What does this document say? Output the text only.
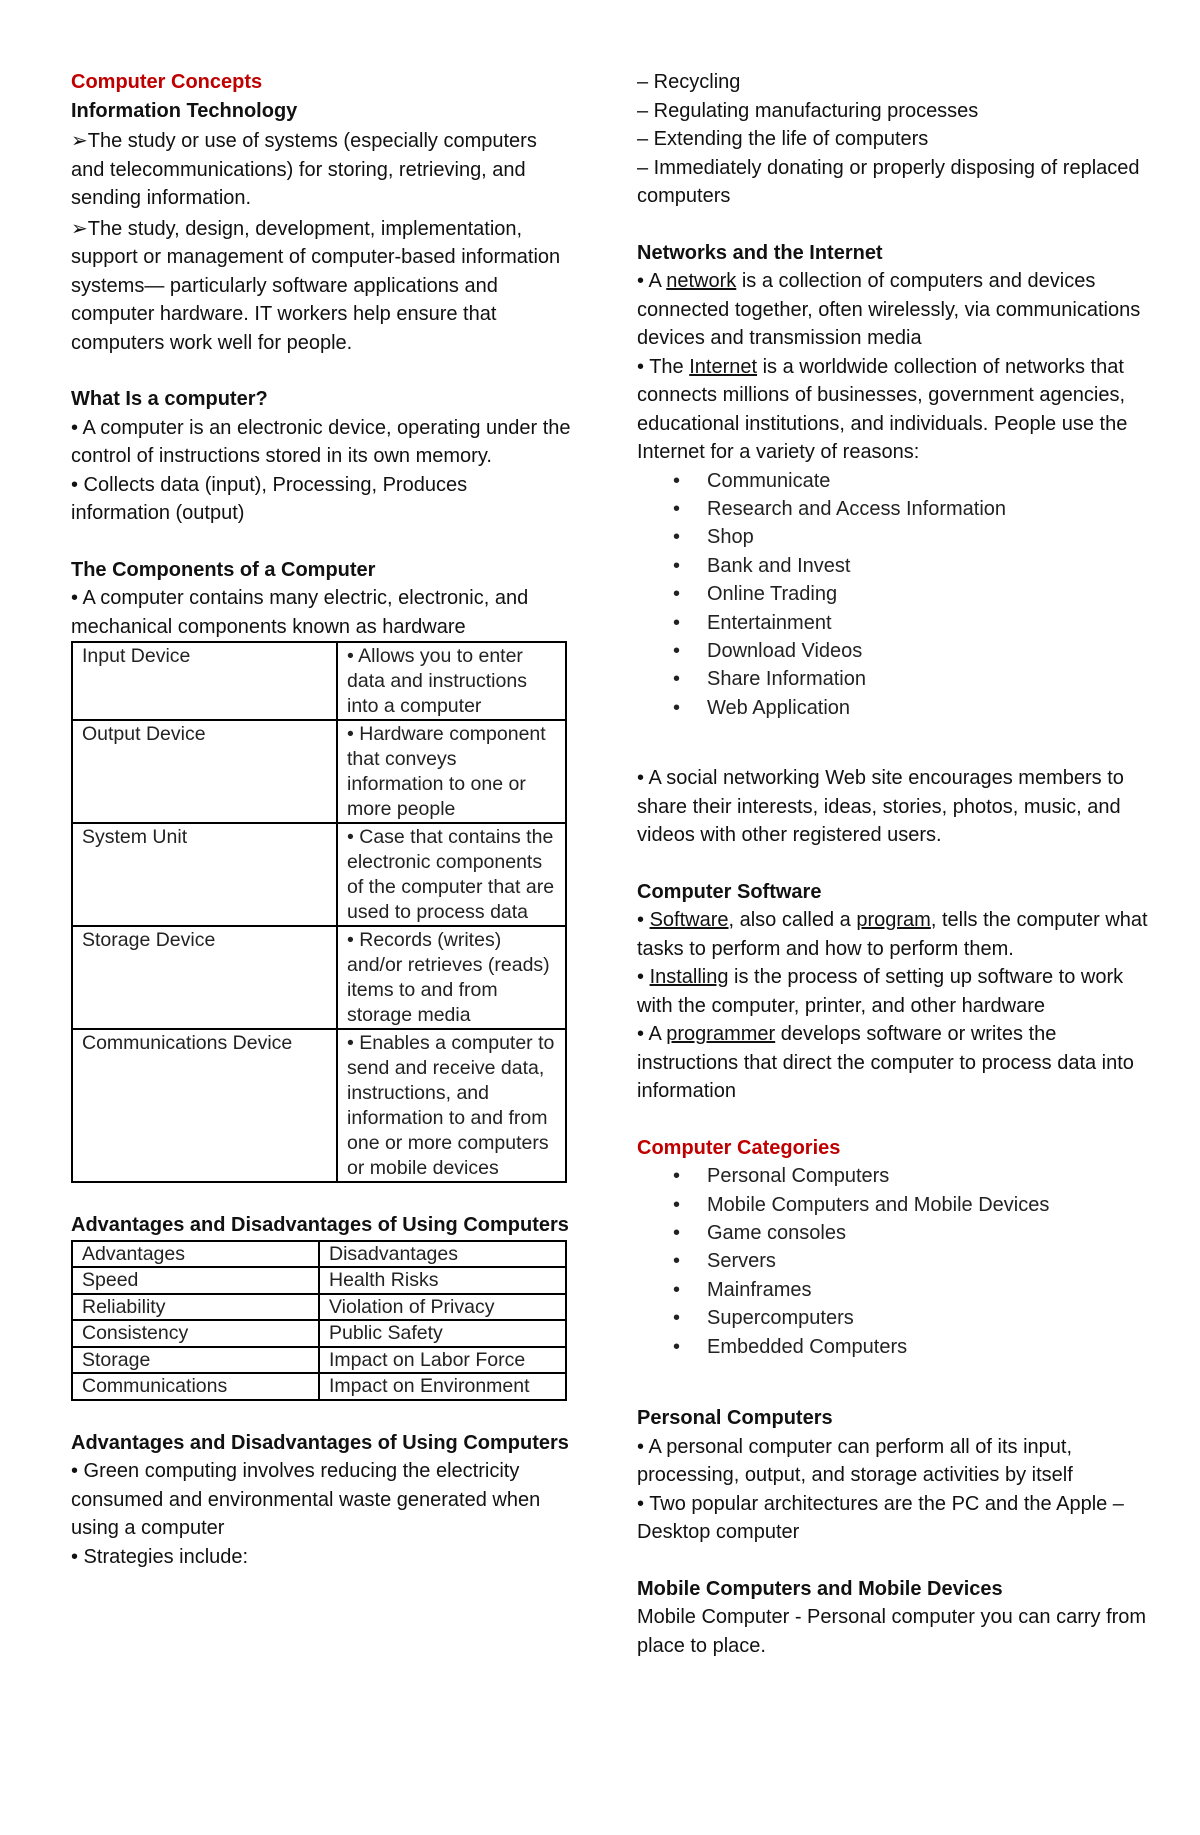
Computer Concepts

Information Technology

➢The study or use of systems (especially computers and telecommunications) for storing, retrieving, and sending information.

➢The study, design, development, implementation, support or management of computer-based information systems— particularly software applications and computer hardware. IT workers help ensure that computers work well for people.

What Is a computer?

• A computer is an electronic device, operating under the control of instructions stored in its own memory.

• Collects data (input), Processing, Produces information (output)

The Components of a Computer

• A computer contains many electric, electronic, and mechanical components known as hardware

Input Device	• Allows you to enter data and instructions into a computer
Output Device	• Hardware component that conveys information to one or more people
System Unit	• Case that contains the electronic components of the computer that are used to process data
Storage Device	• Records (writes) and/or retrieves (reads) items to and from storage media
Communications Device	• Enables a computer to send and receive data, instructions, and information to and from one or more computers or mobile devices

Advantages and Disadvantages of Using Computers

Advantages	Disadvantages
Speed	Health Risks
Reliability	Violation of Privacy
Consistency	Public Safety
Storage	Impact on Labor Force
Communications	Impact on Environment

Advantages and Disadvantages of Using Computers

• Green computing involves reducing the electricity consumed and environmental waste generated when using a computer

• Strategies include:

– Recycling

– Regulating manufacturing processes

– Extending the life of computers

– Immediately donating or properly disposing of replaced computers

Networks and the Internet

• A network is a collection of computers and devices connected together, often wirelessly, via communications devices and transmission media

• The Internet is a worldwide collection of networks that connects millions of businesses, government agencies, educational institutions, and individuals. People use the Internet for a variety of reasons:

• Communicate
• Research and Access Information
• Shop
• Bank and Invest
• Online Trading
• Entertainment
• Download Videos
• Share Information
• Web Application

• A social networking Web site encourages members to share their interests, ideas, stories, photos, music, and videos with other registered users.

Computer Software

• Software, also called a program, tells the computer what tasks to perform and how to perform them.

• Installing is the process of setting up software to work with the computer, printer, and other hardware

• A programmer develops software or writes the instructions that direct the computer to process data into information

Computer Categories

• Personal Computers
• Mobile Computers and Mobile Devices
• Game consoles
• Servers
• Mainframes
• Supercomputers
• Embedded Computers

Personal Computers

• A personal computer can perform all of its input, processing, output, and storage activities by itself

• Two popular architectures are the PC and the Apple – Desktop computer

Mobile Computers and Mobile Devices

Mobile Computer - Personal computer you can carry from place to place.
